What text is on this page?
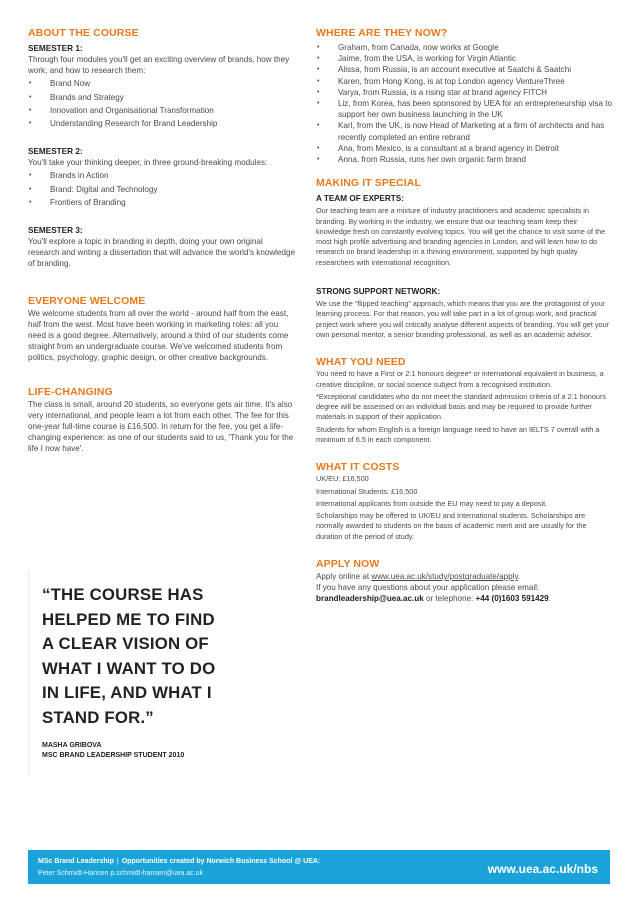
ABOUT THE COURSE
SEMESTER 1:
Through four modules you'll get an exciting overview of brands, how they work, and how to research them:
• Brand Now
• Brands and Strategy
• Innovation and Organisational Transformation
• Understanding Research for Brand Leadership
SEMESTER 2:
You'll take your thinking deeper, in three ground-breaking modules:
• Brands in Action
• Brand: Digital and Technology
• Frontiers of Branding
SEMESTER 3:
You'll explore a topic in branding in depth, doing your own original research and writing a dissertation that will advance the world's knowledge of branding.
EVERYONE WELCOME
We welcome students from all over the world - around half from the east, half from the west. Most have been working in marketing roles: all you need is a good degree. Alternatively, around a third of our students come straight from an undergraduate course. We've welcomed students from politics, psychology, graphic design, or other creative backgrounds.
LIFE-CHANGING
The class is small, around 20 students, so everyone gets air time. It's also very international, and people learn a lot from each other. The fee for this one-year full-time course is £16,500. In return for the fee, you get a life-changing experience: as one of our students said to us, 'Thank you for the life I now have'.
“THE COURSE HAS HELPED ME TO FIND A CLEAR VISION OF WHAT I WANT TO DO IN LIFE, AND WHAT I STAND FOR.”
MASHA GRIBOVA
MSC BRAND LEADERSHIP STUDENT 2010
WHERE ARE THEY NOW?
• Graham, from Canada, now works at Google
• Jaime, from the USA, is working for Virgin Atlantic
• Alissa, from Russia, is an account executive at Saatchi & Saatchi
• Karen, from Hong Kong, is at top London agency VentureThree
• Varya, from Russia, is a rising star at brand agency FITCH
• Liz, from Korea, has been sponsored by UEA for an entrepreneurship visa to support her own business launching in the UK
• Karl, from the UK, is now Head of Marketing at a firm of architects and has recently completed an entire rebrand
• Ana, from Mexico, is a consultant at a brand agency in Detroit
• Anna, from Russia, runs her own organic farm brand
MAKING IT SPECIAL
A TEAM OF EXPERTS:
Our teaching team are a mixture of industry practitioners and academic specialists in branding. By working in the industry, we ensure that our teaching team keep their knowledge fresh on constantly evolving topics. You will get the chance to visit some of the most high profile advertising and branding agencies in London, and will learn how to do research on brand leadership in a thriving environment, supported by high quality researchers with international recognition.
STRONG SUPPORT NETWORK:
We use the “flipped teaching” approach, which means that you are the protagonist of your learning process. For that reason, you will take part in a lot of group work, and practical project work where you will critically analyse different aspects of branding. You will get your own personal mentor, a senior branding professional, as well as an academic advisor.
WHAT YOU NEED
You need to have a First or 2:1 honours degree* or international equivalent in business, a creative discipline, or social science subject from a recognised institution.
*Exceptional candidates who do not meet the standard admission criteria of a 2:1 honours degree will be assessed on an individual basis and may be required to provide further materials in support of their application.
Students for whom English is a foreign language need to have an IELTS 7 overall with a minimum of 6.5 in each component.
WHAT IT COSTS
UK/EU: £16,500
International Students: £16,500
International applicants from outside the EU may need to pay a deposit.
Scholarships may be offered to UK/EU and International students. Scholarships are normally awarded to students on the basis of academic merit and are usually for the duration of the period of study.
APPLY NOW
Apply online at www.uea.ac.uk/study/postgraduate/apply.
If you have any questions about your application please email:
brandleadership@uea.ac.uk or telephone: +44 (0)1603 591429.
MSc Brand Leadership | Opportunities created by Norwich Business School @ UEA:
Peter Schmidt-Hansen p.schmidt-hansen@uea.ac.uk	www.uea.ac.uk/nbs
